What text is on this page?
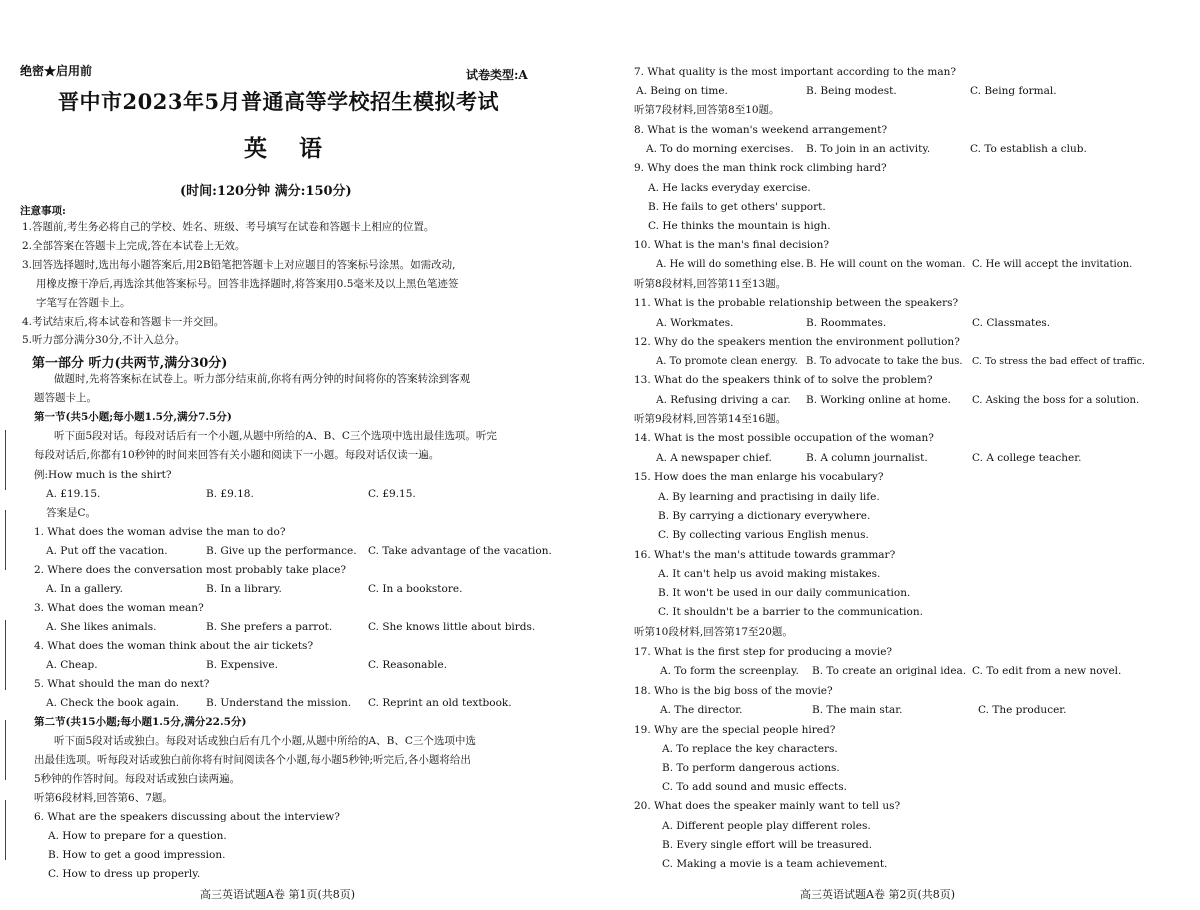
绝密★启用前	试卷类型:A
晋中市2023年5月普通高等学校招生模拟考试
英 语
(时间:120分钟 满分:150分)
注意事项:
1.答题前,考生务必将自己的学校、姓名、班级、考号填写在试卷和答题卡上相应的位置。
2.全部答案在答题卡上完成,答在本试卷上无效。
3.回答选择题时,选出每小题答案后,用2B铅笔把答题卡上对应题目的答案标号涂黑。如需改动,
用橡皮擦干净后,再选涂其他答案标号。回答非选择题时,将答案用0.5毫米及以上黑色笔迹签
字笔写在答题卡上。
4.考试结束后,将本试卷和答题卡一并交回。
5.听力部分满分30分,不计入总分。
第一部分 听力(共两节,满分30分)
做题时,先将答案标在试卷上。听力部分结束前,你将有两分钟的时间将你的答案转涂到客观
题答题卡上。
第一节(共5小题;每小题1.5分,满分7.5分)
听下面5段对话。每段对话后有一个小题,从题中所给的A、B、C三个选项中选出最佳选项。听完
每段对话后,你都有10秒钟的时间来回答有关小题和阅读下一小题。每段对话仅读一遍。
例:How much is the shirt?
A. £19.15.	B. £9.18.	C. £9.15.
答案是C。
1. What does the woman advise the man to do?
A. Put off the vacation.	B. Give up the performance. C. Take advantage of the vacation.
2. Where does the conversation most probably take place?
A. In a gallery.	B. In a library.	C. In a bookstore.
3. What does the woman mean?
A. She likes animals.	B. She prefers a parrot.	C. She knows little about birds.
4. What does the woman think about the air tickets?
A. Cheap.	B. Expensive.	C. Reasonable.
5. What should the man do next?
A. Check the book again.	B. Understand the mission. C. Reprint an old textbook.
第二节(共15小题;每小题1.5分,满分22.5分)
听下面5段对话或独白。每段对话或独白后有几个小题,从题中所给的A、B、C三个选项中选
出最佳选项。听每段对话或独白前你将有时间阅读各个小题,每小题5秒钟;听完后,各小题将给出
5秒钟的作答时间。每段对话或独白读两遍。
听第6段材料,回答第6、7题。
6. What are the speakers discussing about the interview?
A. How to prepare for a question.
B. How to get a good impression.
C. How to dress up properly.
高三英语试题A卷 第1页(共8页)
7. What quality is the most important according to the man?
A. Being on time.	B. Being modest.	C. Being formal.
听第7段材料,回答第8至10题。
8. What is the woman's weekend arrangement?
A. To do morning exercises. B. To join in an activity.	C. To establish a club.
9. Why does the man think rock climbing hard?
A. He lacks everyday exercise.
B. He fails to get others' support.
C. He thinks the mountain is high.
10. What is the man's final decision?
A. He will do something else. B. He will count on the woman. C. He will accept the invitation.
听第8段材料,回答第11至13题。
11. What is the probable relationship between the speakers?
A. Workmates.	B. Roommates.	C. Classmates.
12. Why do the speakers mention the environment pollution?
A. To promote clean energy. B. To advocate to take the bus. C. To stress the bad effect of traffic.
13. What do the speakers think of to solve the problem?
A. Refusing driving a car. B. Working online at home. C. Asking the boss for a solution.
听第9段材料,回答第14至16题。
14. What is the most possible occupation of the woman?
A. A newspaper chief.	B. A column journalist.	C. A college teacher.
15. How does the man enlarge his vocabulary?
A. By learning and practising in daily life.
B. By carrying a dictionary everywhere.
C. By collecting various English menus.
16. What's the man's attitude towards grammar?
A. It can't help us avoid making mistakes.
B. It won't be used in our daily communication.
C. It shouldn't be a barrier to the communication.
听第10段材料,回答第17至20题。
17. What is the first step for producing a movie?
A. To form the screenplay. B. To create an original idea. C. To edit from a new novel.
18. Who is the big boss of the movie?
A. The director.	B. The main star.	C. The producer.
19. Why are the special people hired?
A. To replace the key characters.
B. To perform dangerous actions.
C. To add sound and music effects.
20. What does the speaker mainly want to tell us?
A. Different people play different roles.
B. Every single effort will be treasured.
C. Making a movie is a team achievement.
高三英语试题A卷 第2页(共8页)
